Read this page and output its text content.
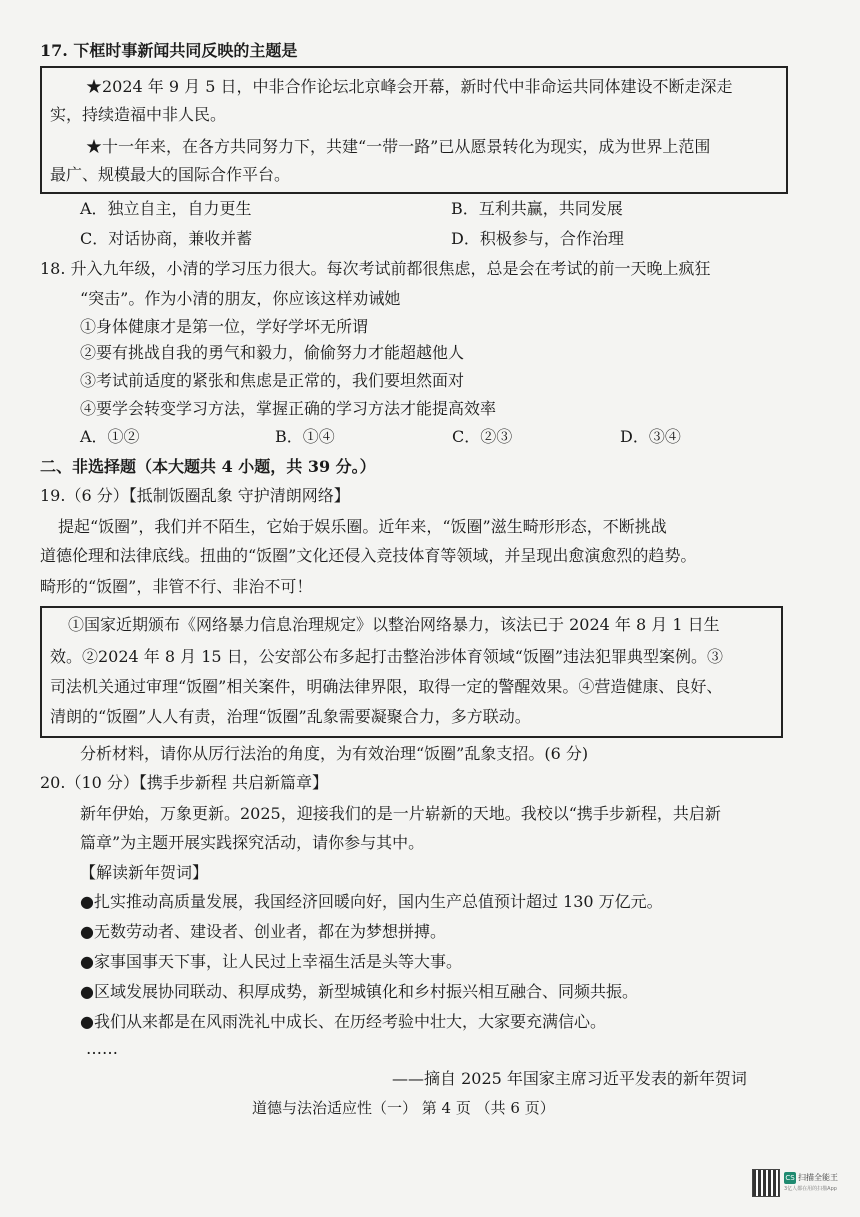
17. 下框时事新闻共同反映的主题是
★2024 年 9 月 5 日，中非合作论坛北京峰会开幕，新时代中非命运共同体建设不断走深走
实，持续造福中非人民。
★十一年来，在各方共同努力下，共建“一带一路”已从愿景转化为现实，成为世界上范围
最广、规模最大的国际合作平台。
A．独立自主，自力更生	B．互利共赢，共同发展
C．对话协商，兼收并蓄	D．积极参与，合作治理
18. 升入九年级，小清的学习压力很大。每次考试前都很焦虑，总是会在考试的前一天晚上疯狂
“突击”。作为小清的朋友，你应该这样劝诫她
①身体健康才是第一位，学好学坏无所谓
②要有挑战自我的勇气和毅力，偷偷努力才能超越他人
③考试前适度的紧张和焦虑是正常的，我们要坦然面对
④要学会转变学习方法，掌握正确的学习方法才能提高效率
A．①②	B．①④	C．②③	D．③④
二、非选择题（本大题共 4 小题，共 39 分。）
19.（6 分）【抵制饭圈乱象 守护清朗网络】
提起“饭圈”，我们并不陌生，它始于娱乐圈。近年来，“饭圈”滋生畸形形态，不断挑战
道德伦理和法律底线。扭曲的“饭圈”文化还侵入竞技体育等领域，并呈现出愈演愈烈的趋势。
畸形的“饭圈”，非管不行、非治不可！
①国家近期颁布《网络暴力信息治理规定》以整治网络暴力，该法已于 2024 年 8 月 1 日生
效。②2024 年 8 月 15 日，公安部公布多起打击整治涉体育领域“饭圈”违法犯罪典型案例。③
司法机关通过审理“饭圈”相关案件，明确法律界限，取得一定的警醒效果。④营造健康、良好、
清朗的“饭圈”人人有责，治理“饭圈”乱象需要凝聚合力，多方联动。
分析材料，请你从厉行法治的角度，为有效治理“饭圈”乱象支招。(6 分)
20.（10 分）【携手步新程 共启新篇章】
新年伊始，万象更新。2025，迎接我们的是一片崭新的天地。我校以“携手步新程，共启新
篇章”为主题开展实践探究活动，请你参与其中。
【解读新年贺词】
●扎实推动高质量发展，我国经济回暖向好，国内生产总值预计超过 130 万亿元。
●无数劳动者、建设者、创业者，都在为梦想拼搏。
●家事国事天下事，让人民过上幸福生活是头等大事。
●区域发展协同联动、积厚成势，新型城镇化和乡村振兴相互融合、同频共振。
●我们从来都是在风雨洗礼中成长、在历经考验中壮大，大家要充满信心。
……
——摘自 2025 年国家主席习近平发表的新年贺词
道德与法治适应性（一） 第 4 页 （共 6 页）
CS 扫描全能王
3亿人都在用的扫描App
